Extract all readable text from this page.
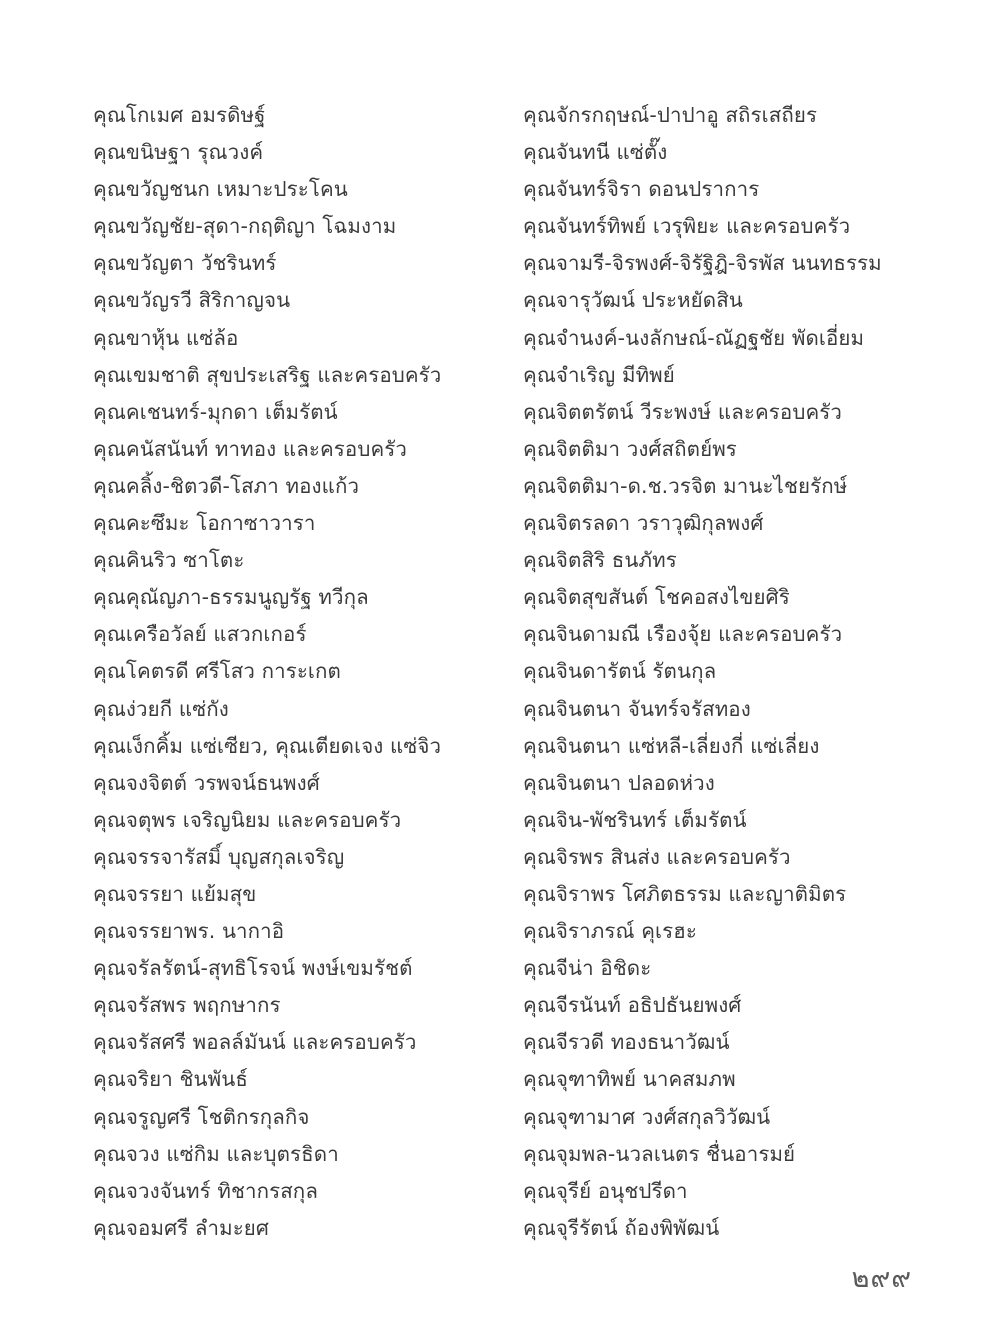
คุณโกเมศ อมรดิษฐ์
คุณขนิษฐา รุณวงค์
คุณขวัญชนก เหมาะประโคน
คุณขวัญชัย-สุดา-กฤติญา โฉมงาม
คุณขวัญตา วัชรินทร์
คุณขวัญรวี สิริกาญจน
คุณขาหุ้น แซ่ล้อ
คุณเขมชาติ สุขประเสริฐ และครอบครัว
คุณคเชนทร์-มุกดา เต็มรัตน์
คุณคนัสนันท์ ทาทอง และครอบครัว
คุณคลิ้ง-ชิตวดี-โสภา ทองแก้ว
คุณคะซึมะ โอกาซาวารา
คุณคินริว ซาโตะ
คุณคุณัญภา-ธรรมนูญรัฐ ทวีกุล
คุณเครือวัลย์ แสวกเกอร์
คุณโคตรดี ศรีโสว การะเกต
คุณง่วยกี แซ่กัง
คุณเง็กคิ้ม แซ่เซียว, คุณเตียดเจง แซ่จิว
คุณจงจิตต์ วรพจน์ธนพงศ์
คุณจตุพร เจริญนิยม และครอบครัว
คุณจรรจารัสมิ์ บุญสกุลเจริญ
คุณจรรยา แย้มสุข
คุณจรรยาพร. นากาอิ
คุณจรัลรัตน์-สุทธิโรจน์ พงษ์เขมรัชต์
คุณจรัสพร พฤกษากร
คุณจรัสศรี พอลล์มันน์ และครอบครัว
คุณจริยา ชินพันธ์
คุณจรูญศรี โชติกรกุลกิจ
คุณจวง แซ่กิม และบุตรธิดา
คุณจวงจันทร์ ทิชากรสกุล
คุณจอมศรี ลำมะยศ
คุณจักรกฤษณ์-ปาปาอู สถิรเสถียร
คุณจันทนี แซ่ตั๊ง
คุณจันทร์จิรา ดอนปราการ
คุณจันทร์ทิพย์ เวรุพิยะ และครอบครัว
คุณจามรี-จิรพงศ์-จิรัฐิฎิ-จิรพัส นนทธรรม
คุณจารุวัฒน์ ประหยัดสิน
คุณจำนงค์-นงลักษณ์-ณัฏฐชัย พัดเอี่ยม
คุณจำเริญ มีทิพย์
คุณจิตตรัตน์ วีระพงษ์ และครอบครัว
คุณจิตติมา วงศ์สถิตย์พร
คุณจิตติมา-ด.ช.วรจิต มานะไชยรักษ์
คุณจิตรลดา วราวุฒิกุลพงศ์
คุณจิตสิริ ธนภัทร
คุณจิตสุขสันต์ โชคอสงไขยศิริ
คุณจินดามณี เรืองจุ้ย และครอบครัว
คุณจินดารัตน์ รัตนกุล
คุณจินตนา จันทร์จรัสทอง
คุณจินตนา แซ่หลี-เลี่ยงกี่ แซ่เลี่ยง
คุณจินตนา ปลอดห่วง
คุณจิน-พัชรินทร์ เต็มรัตน์
คุณจิรพร สินส่ง และครอบครัว
คุณจิราพร โศภิตธรรม และญาติมิตร
คุณจิราภรณ์ คุเรฮะ
คุณจีน่า อิชิดะ
คุณจีรนันท์ อธิปธันยพงศ์
คุณจีรวดี ทองธนาวัฒน์
คุณจุฑาทิพย์ นาคสมภพ
คุณจุฑามาศ วงศ์สกุลวิวัฒน์
คุณจุมพล-นวลเนตร ชื่นอารมย์
คุณจุรีย์ อนุชปรีดา
คุณจุรีรัตน์ ถ้องพิพัฒน์
๒๙๙
